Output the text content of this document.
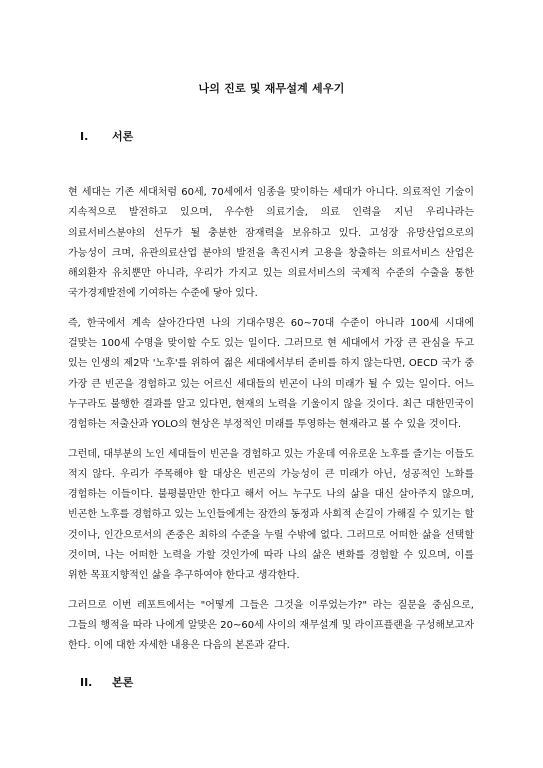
나의 진로 및 재무설계 세우기
I. 서론

현 세대는 기존 세대처럼 60세, 70세에서 임종을 맞이하는 세대가 아니다. 의료적인 기술이 지속적으로 발전하고 있으며, 우수한 의료기술, 의료 인력을 지닌 우리나라는 의료서비스분야의 선두가 될 충분한 잠재력을 보유하고 있다. 고성장 유망산업으로의 가능성이 크며, 유관의료산업 분야의 발전을 촉진시켜 고용을 창출하는 의료서비스 산업은 해외환자 유치뿐만 아니라, 우리가 가지고 있는 의료서비스의 국제적 수준의 수출을 통한 국가경제발전에 기여하는 수준에 닿아 있다.

즉, 한국에서 계속 살아간다면 나의 기대수명은 60~70대 수준이 아니라 100세 시대에 걸맞는 100세 수명을 맞이할 수도 있는 일이다. 그러므로 현 세대에서 가장 큰 관심을 두고 있는 인생의 제2막 '노후'를 위하여 젊은 세대에서부터 준비를 하지 않는다면, OECD 국가 중 가장 큰 빈곤을 경험하고 있는 어르신 세대들의 빈곤이 나의 미래가 될 수 있는 일이다. 어느 누구라도 불행한 결과를 알고 있다면, 현재의 노력을 기울이지 않을 것이다. 최근 대한민국이 경험하는 저출산과 YOLO의 현상은 부정적인 미래를 투영하는 현재라고 볼 수 있을 것이다.

그런데, 대부분의 노인 세대들이 빈곤을 경험하고 있는 가운데 여유로운 노후를 즐기는 이들도 적지 않다. 우리가 주목해야 할 대상은 빈곤의 가능성이 큰 미래가 아닌, 성공적인 노화를 경험하는 이들이다. 불평불만만 한다고 해서 어느 누구도 나의 삶을 대신 살아주지 않으며, 빈곤한 노후를 경험하고 있는 노인들에게는 잠깐의 동정과 사회적 손길이 가해질 수 있기는 할 것이나, 인간으로서의 존중은 최하의 수준을 누릴 수밖에 없다. 그러므로 어떠한 삶을 선택할 것이며, 나는 어떠한 노력을 가할 것인가에 따라 나의 삶은 변화를 경험할 수 있으며, 이를 위한 목표지향적인 삶을 추구하여야 한다고 생각한다.

그러므로 이번 레포트에서는 "어떻게 그들은 그것을 이루었는가?" 라는 질문을 중심으로, 그들의 행적을 따라 나에게 알맞은 20~60세 사이의 재무설계 및 라이프플랜을 구성해보고자 한다. 이에 대한 자세한 내용은 다음의 본론과 같다.

II. 본론
